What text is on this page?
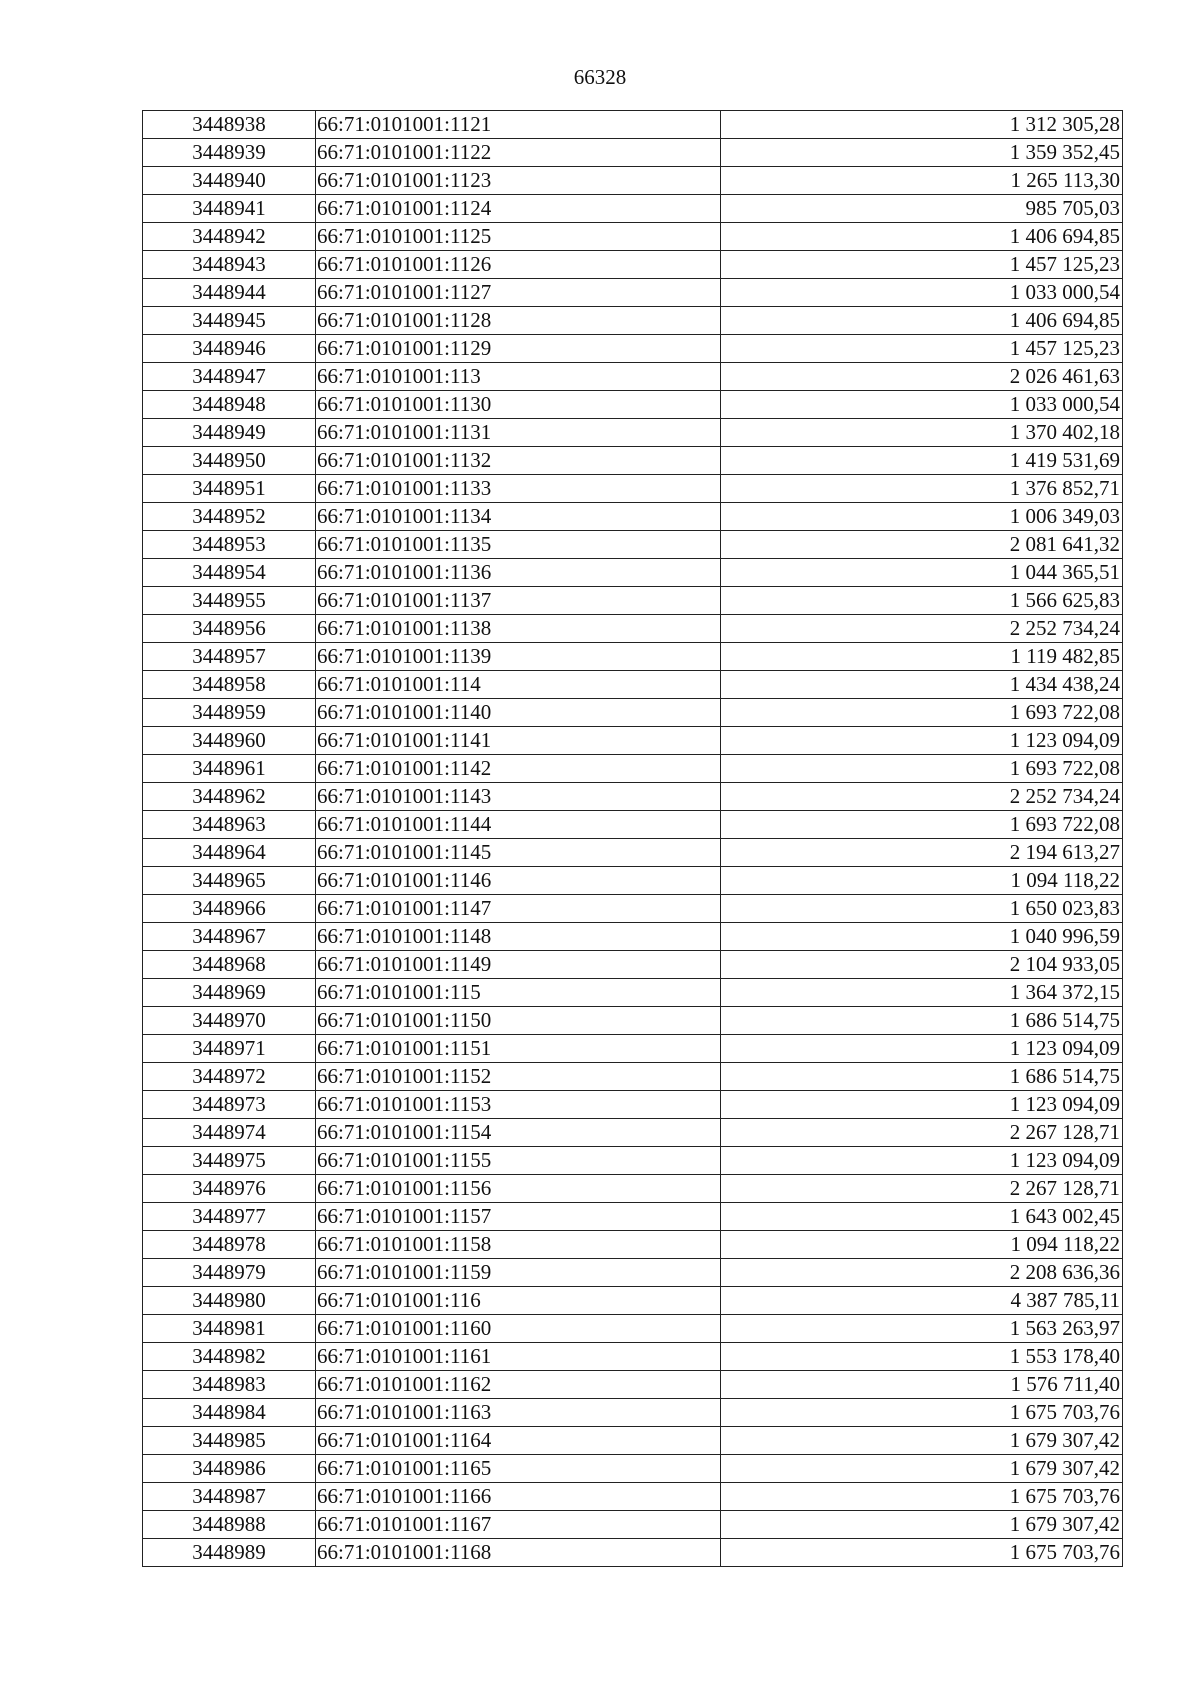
66328
3448938	66:71:0101001:1121	1 312 305,28
3448939	66:71:0101001:1122	1 359 352,45
3448940	66:71:0101001:1123	1 265 113,30
3448941	66:71:0101001:1124	985 705,03
3448942	66:71:0101001:1125	1 406 694,85
3448943	66:71:0101001:1126	1 457 125,23
3448944	66:71:0101001:1127	1 033 000,54
3448945	66:71:0101001:1128	1 406 694,85
3448946	66:71:0101001:1129	1 457 125,23
3448947	66:71:0101001:113	2 026 461,63
3448948	66:71:0101001:1130	1 033 000,54
3448949	66:71:0101001:1131	1 370 402,18
3448950	66:71:0101001:1132	1 419 531,69
3448951	66:71:0101001:1133	1 376 852,71
3448952	66:71:0101001:1134	1 006 349,03
3448953	66:71:0101001:1135	2 081 641,32
3448954	66:71:0101001:1136	1 044 365,51
3448955	66:71:0101001:1137	1 566 625,83
3448956	66:71:0101001:1138	2 252 734,24
3448957	66:71:0101001:1139	1 119 482,85
3448958	66:71:0101001:114	1 434 438,24
3448959	66:71:0101001:1140	1 693 722,08
3448960	66:71:0101001:1141	1 123 094,09
3448961	66:71:0101001:1142	1 693 722,08
3448962	66:71:0101001:1143	2 252 734,24
3448963	66:71:0101001:1144	1 693 722,08
3448964	66:71:0101001:1145	2 194 613,27
3448965	66:71:0101001:1146	1 094 118,22
3448966	66:71:0101001:1147	1 650 023,83
3448967	66:71:0101001:1148	1 040 996,59
3448968	66:71:0101001:1149	2 104 933,05
3448969	66:71:0101001:115	1 364 372,15
3448970	66:71:0101001:1150	1 686 514,75
3448971	66:71:0101001:1151	1 123 094,09
3448972	66:71:0101001:1152	1 686 514,75
3448973	66:71:0101001:1153	1 123 094,09
3448974	66:71:0101001:1154	2 267 128,71
3448975	66:71:0101001:1155	1 123 094,09
3448976	66:71:0101001:1156	2 267 128,71
3448977	66:71:0101001:1157	1 643 002,45
3448978	66:71:0101001:1158	1 094 118,22
3448979	66:71:0101001:1159	2 208 636,36
3448980	66:71:0101001:116	4 387 785,11
3448981	66:71:0101001:1160	1 563 263,97
3448982	66:71:0101001:1161	1 553 178,40
3448983	66:71:0101001:1162	1 576 711,40
3448984	66:71:0101001:1163	1 675 703,76
3448985	66:71:0101001:1164	1 679 307,42
3448986	66:71:0101001:1165	1 679 307,42
3448987	66:71:0101001:1166	1 675 703,76
3448988	66:71:0101001:1167	1 679 307,42
3448989	66:71:0101001:1168	1 675 703,76
